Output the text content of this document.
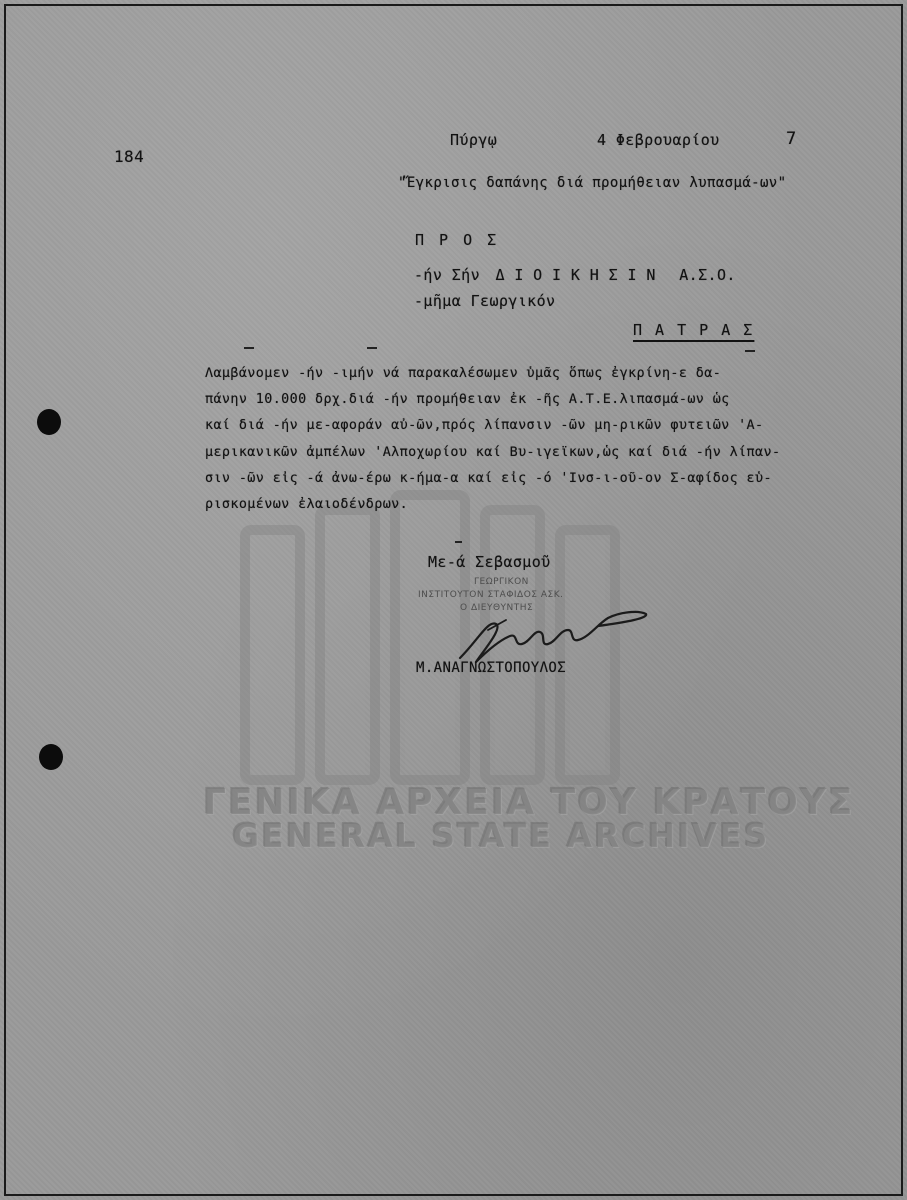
ΓΕΝΙΚΑ ΑΡΧΕΙΑ ΤΟΥ ΚΡΑΤΟΥΣ
GENERAL STATE ARCHIVES
184
Πύργῳ	4 Φεβρουαρίου	7
"Ἔγκρισις δαπάνης διά προμήθειαν λυπασμά-ων"
Π Ρ Ο Σ
-ήν Σήν Δ Ι Ο Ι Κ Η Σ Ι Ν Α.Σ.Ο.
-μῆμα Γεωργικόν
Π Α Τ Ρ Α Σ
Λαμβάνομεν -ήν -ιμήν νά παρακαλέσωμεν ὑμᾶς ὅπως ἐγκρίνη-ε δα-
πάνην 10.000 δρχ.διά -ήν προμήθειαν ἐκ -ῆς Α.Τ.Ε.λιπασμά-ων ὡς
καί διά -ήν με-αφοράν αὐ-ῶν,πρός λίπανσιν -ῶν μη-ρικῶν φυτειῶν 'Α-
μερικανικῶν ἀμπέλων 'Αλποχωρίου καί Βυ-ιγεϊκων,ὡς καί διά -ήν λίπαν-
σιν -ῶν εἰς -ά ἀνω-έρω κ-ήμα-α καί εἰς -ό 'Ινσ-ι-οῦ-ον Σ-αφίδος εὑ-
ρισκομένων ἐλαιοδένδρων.
Με-ά Σεβασμοῦ
ΓΕΩΡΓΙΚΟΝ
ΙΝΣΤΙΤΟΥΤΟΝ ΣΤΑΦΙΔΟΣ ΑΣΚ.
Ο ΔΙΕΥΘΥΝΤΗΣ
Μ.ΑΝΑΓΝΩΣΤΟΠΟΥΛΟΣ
